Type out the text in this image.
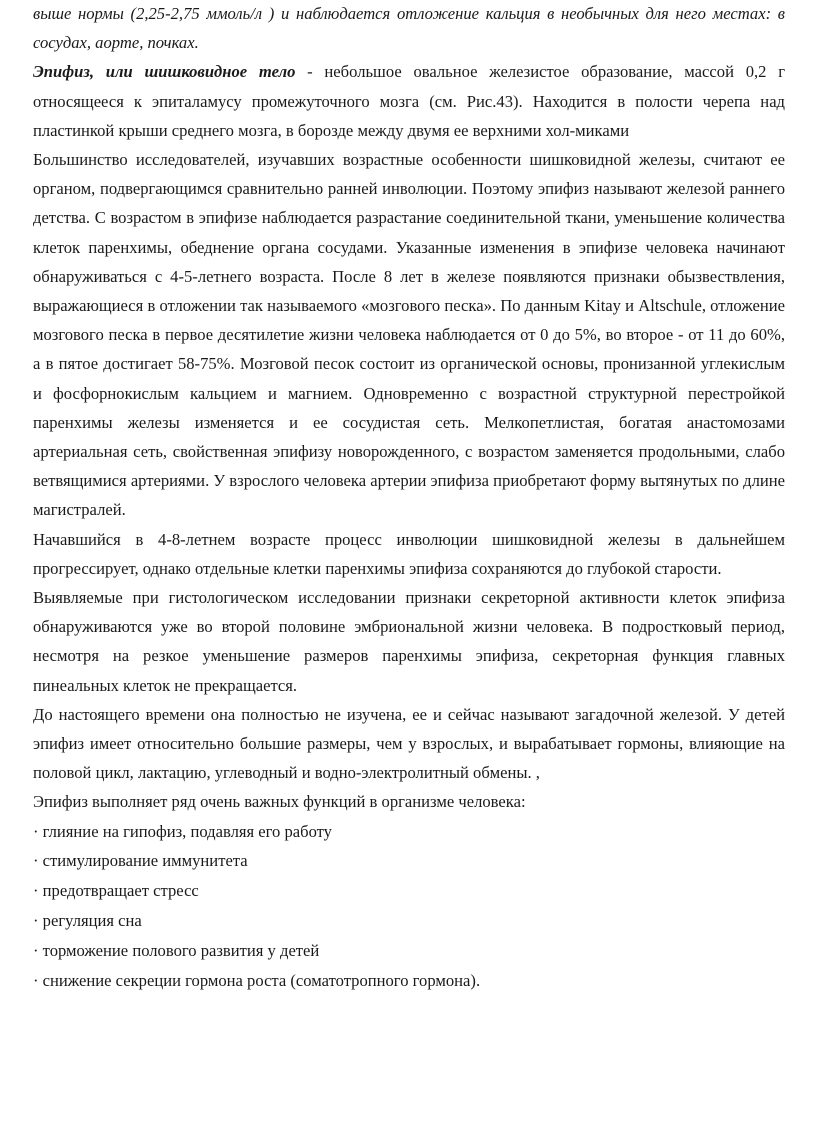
выше нормы (2,25-2,75 ммоль/л ) и наблюдается отложение кальция в необычных для него местах: в сосудах, аорте, почках.

Эпифиз, или шишковидное тело - небольшое овальное железистое образование, массой 0,2 г относящееся к эпиталамусу промежуточного мозга (см. Рис.43). Находится в полости черепа над пластинкой крыши среднего мозга, в борозде между двумя ее верхними хол-миками

Большинство исследователей, изучавших возрастные особенности шишковидной железы, считают ее органом, подвергающимся сравнительно ранней инволюции. Поэтому эпифиз называют железой раннего детства. С возрастом в эпифизе наблюдается разрастание соединительной ткани, уменьшение количества клеток паренхимы, обеднение органа сосудами. Указанные изменения в эпифизе человека начинают обнаруживаться с 4-5-летнего возраста. После 8 лет в железе появляются признаки обызвествления, выражающиеся в отложении так называемого «мозгового песка». По данным Kitay и Altschule, отложение мозгового песка в первое десятилетие жизни человека наблюдается от 0 до 5%, во второе - от 11 до 60%, а в пятое достигает 58-75%. Мозговой песок состоит из органической основы, пронизанной углекислым и фосфорнокислым кальцием и магнием. Одновременно с возрастной структурной перестройкой паренхимы железы изменяется и ее сосудистая сеть. Мелкопетлистая, богатая анастомозами артериальная сеть, свойственная эпифизу новорожденного, с возрастом заменяется продольными, слабо ветвящимися артериями. У взрослого человека артерии эпифиза приобретают форму вытянутых по длине магистралей.

Начавшийся в 4-8-летнем возрасте процесс инволюции шишковидной железы в дальнейшем прогрессирует, однако отдельные клетки паренхимы эпифиза сохраняются до глубокой старости.

Выявляемые при гистологическом исследовании признаки секреторной активности клеток эпифиза обнаруживаются уже во второй половине эмбриональной жизни человека. В подростковый период, несмотря на резкое уменьшение размеров паренхимы эпифиза, секреторная функция главных пинеальных клеток не прекращается.

До настоящего времени она полностью не изучена, ее и сейчас называют загадочной железой. У детей эпифиз имеет относительно большие размеры, чем у взрослых, и вырабатывает гормоны, влияющие на половой цикл, лактацию, углеводный и водно-электролитный обмены. ,

Эпифиз выполняет ряд очень важных функций в организме человека:

· глияние на гипофиз, подавляя его работу
· стимулирование иммунитета
· предотвращает стресс
· регуляция сна
· торможение полового развития у детей
· снижение секреции гормона роста (соматотропного гормона).
